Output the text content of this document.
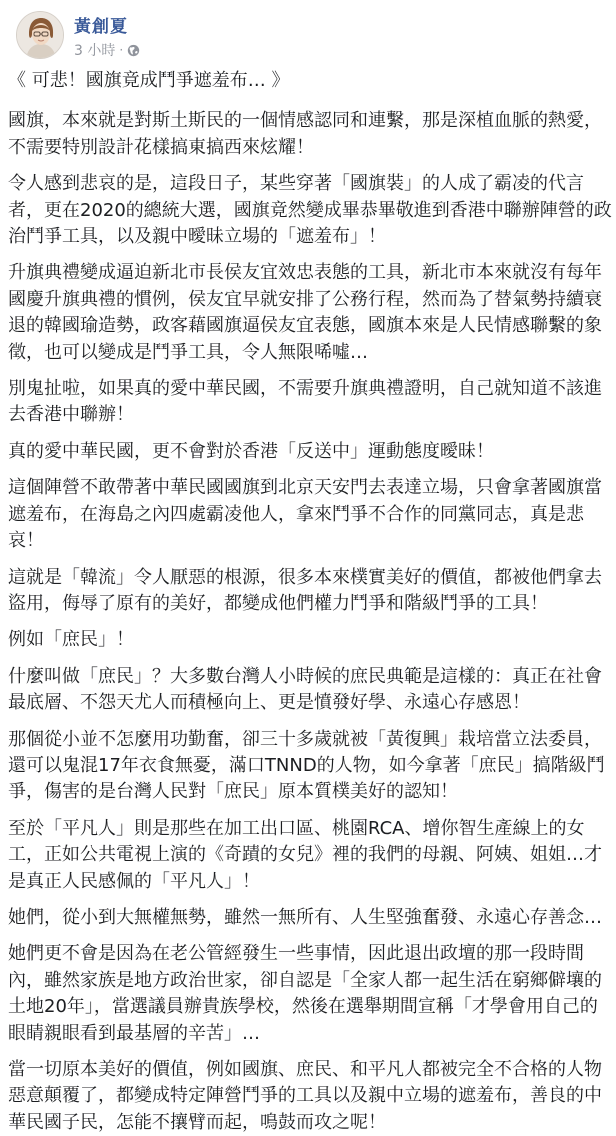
黃創夏
3 小時 ·

《 可悲！國旗竟成鬥爭遮羞布… 》

國旗，本來就是對斯土斯民的一個情感認同和連繫，那是深植血脈的熱愛，不需要特別設計花樣搞東搞西來炫耀！

令人感到悲哀的是，這段日子，某些穿著「國旗裝」的人成了霸凌的代言者，更在2020的總統大選，國旗竟然變成畢恭畢敬進到香港中聯辦陣營的政治鬥爭工具，以及親中曖昧立場的「遮羞布」！

升旗典禮變成逼迫新北市長侯友宜效忠表態的工具，新北市本來就沒有每年國慶升旗典禮的慣例，侯友宜早就安排了公務行程，然而為了替氣勢持續衰退的韓國瑜造勢，政客藉國旗逼侯友宜表態，國旗本來是人民情感聯繫的象徵，也可以變成是鬥爭工具，令人無限唏噓…

別鬼扯啦，如果真的愛中華民國，不需要升旗典禮證明，自己就知道不該進去香港中聯辦！

真的愛中華民國，更不會對於香港「反送中」運動態度曖昧！

這個陣營不敢帶著中華民國國旗到北京天安門去表達立場，只會拿著國旗當遮羞布，在海島之內四處霸凌他人，拿來鬥爭不合作的同黨同志，真是悲哀！

這就是「韓流」令人厭惡的根源，很多本來樸實美好的價值，都被他們拿去盜用，侮辱了原有的美好，都變成他們權力鬥爭和階級鬥爭的工具！

例如「庶民」！

什麼叫做「庶民」？大多數台灣人小時候的庶民典範是這樣的：真正在社會最底層、不怨天尤人而積極向上、更是憤發好學、永遠心存感恩！

那個從小並不怎麼用功勤奮，卻三十多歲就被「黃復興」栽培當立法委員，還可以鬼混17年衣食無憂，滿口TNND的人物，如今拿著「庶民」搞階級鬥爭，傷害的是台灣人民對「庶民」原本質樸美好的認知！

至於「平凡人」則是那些在加工出口區、桃園RCA、增你智生產線上的女工，正如公共電視上演的《奇蹟的女兒》裡的我們的母親、阿姨、姐姐…才是真正人民感佩的「平凡人」！

她們，從小到大無權無勢，雖然一無所有、人生堅強奮發、永遠心存善念…

她們更不會是因為在老公管經發生一些事情，因此退出政壇的那一段時間內，雖然家族是地方政治世家，卻自認是「全家人都一起生活在窮鄉僻壤的土地20年」，當選議員辦貴族學校，然後在選舉期間宣稱「才學會用自己的眼睛親眼看到最基層的辛苦」…

當一切原本美好的價值，例如國旗、庶民、和平凡人都被完全不合格的人物惡意顛覆了，都變成特定陣營鬥爭的工具以及親中立場的遮羞布，善良的中華民國子民，怎能不攘臂而起，鳴鼓而攻之呢！
